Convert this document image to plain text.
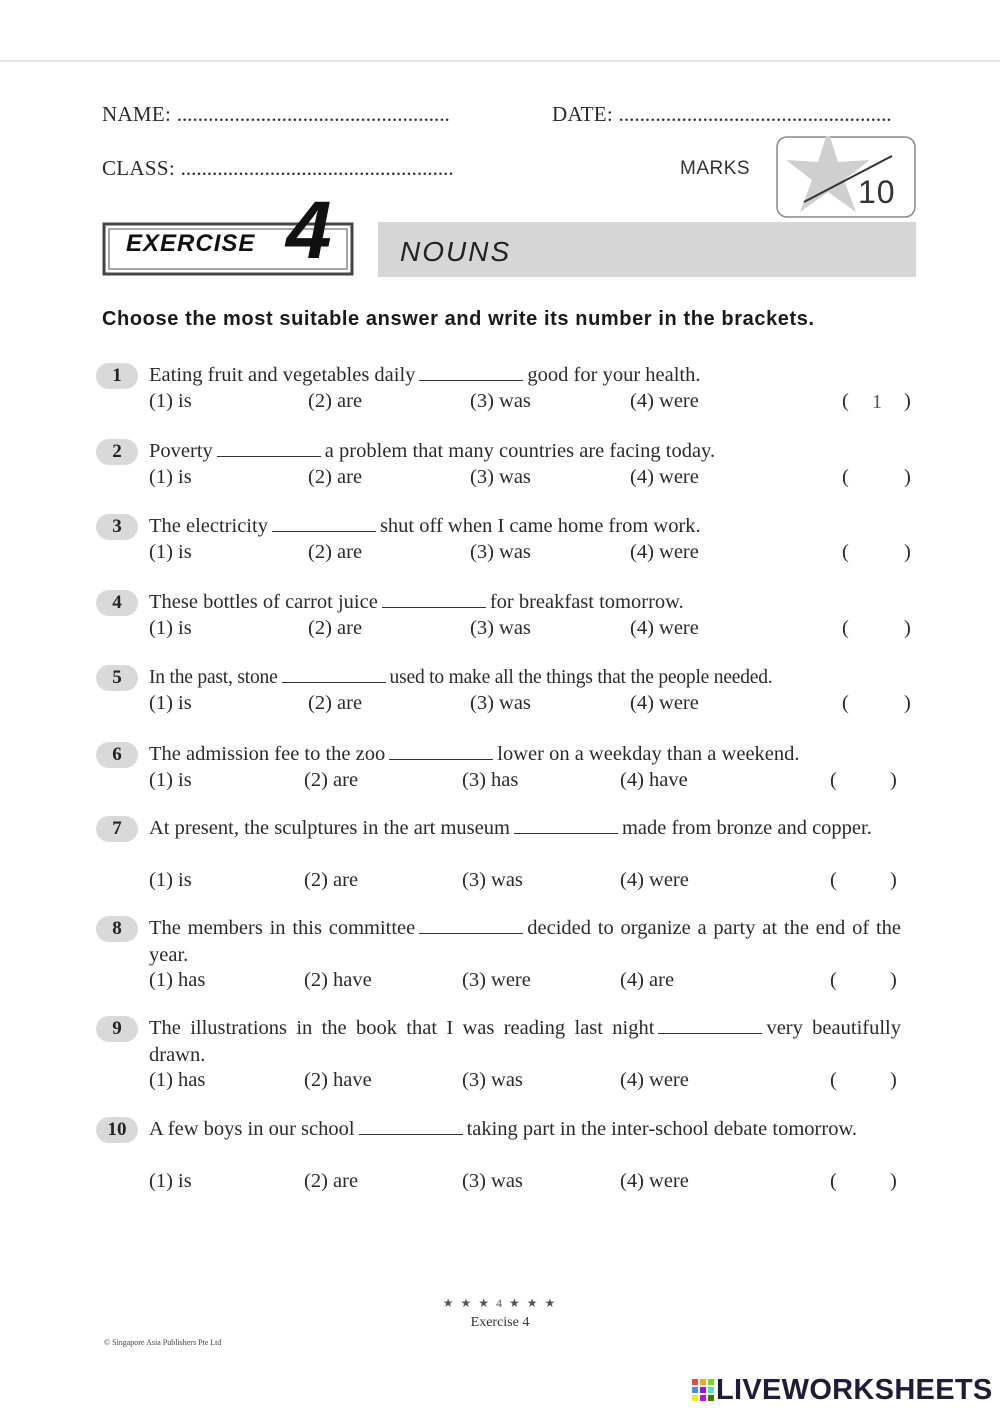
NAME: ....................................................	DATE: ....................................................
CLASS: ....................................................	MARKS
10
EXERCISE 4 NOUNS
Choose the most suitable answer and write its number in the brackets.
1	Eating fruit and vegetables daily	good for your health.
(1) is	(2) are	(3) was	(4) were	( 1 )
2	Poverty	a problem that many countries are facing today.
(1) is	(2) are	(3) was	(4) were	(	)
3	The electricity	shut off when I came home from work.
(1) is	(2) are	(3) was	(4) were	(	)
4	These bottles of carrot juice	for breakfast tomorrow.
(1) is	(2) are	(3) was	(4) were	(	)
5	In the past, stone	used to make all the things that the people needed.
(1) is	(2) are	(3) was	(4) were	(	)
6	The admission fee to the zoo	lower on a weekday than a weekend.
(1) is	(2) are	(3) has	(4) have	(	)
7	At present, the sculptures in the art museum	made from bronze and copper.
(1) is	(2) are	(3) was	(4) were	(	)
8	The members in this committee	decided to organize a party at the end of the year.
(1) has	(2) have	(3) were	(4) are	(	)
9	The illustrations in the book that I was reading last night	very beautifully drawn.
(1) has	(2) have	(3) was	(4) were	(	)
10	A few boys in our school	taking part in the inter-school debate tomorrow.
(1) is	(2) are	(3) was	(4) were	(	)
★ ★ ★ 4 ★ ★ ★
Exercise 4
© Singapore Asia Publishers Pte Ltd
LIVEWORKSHEETS
